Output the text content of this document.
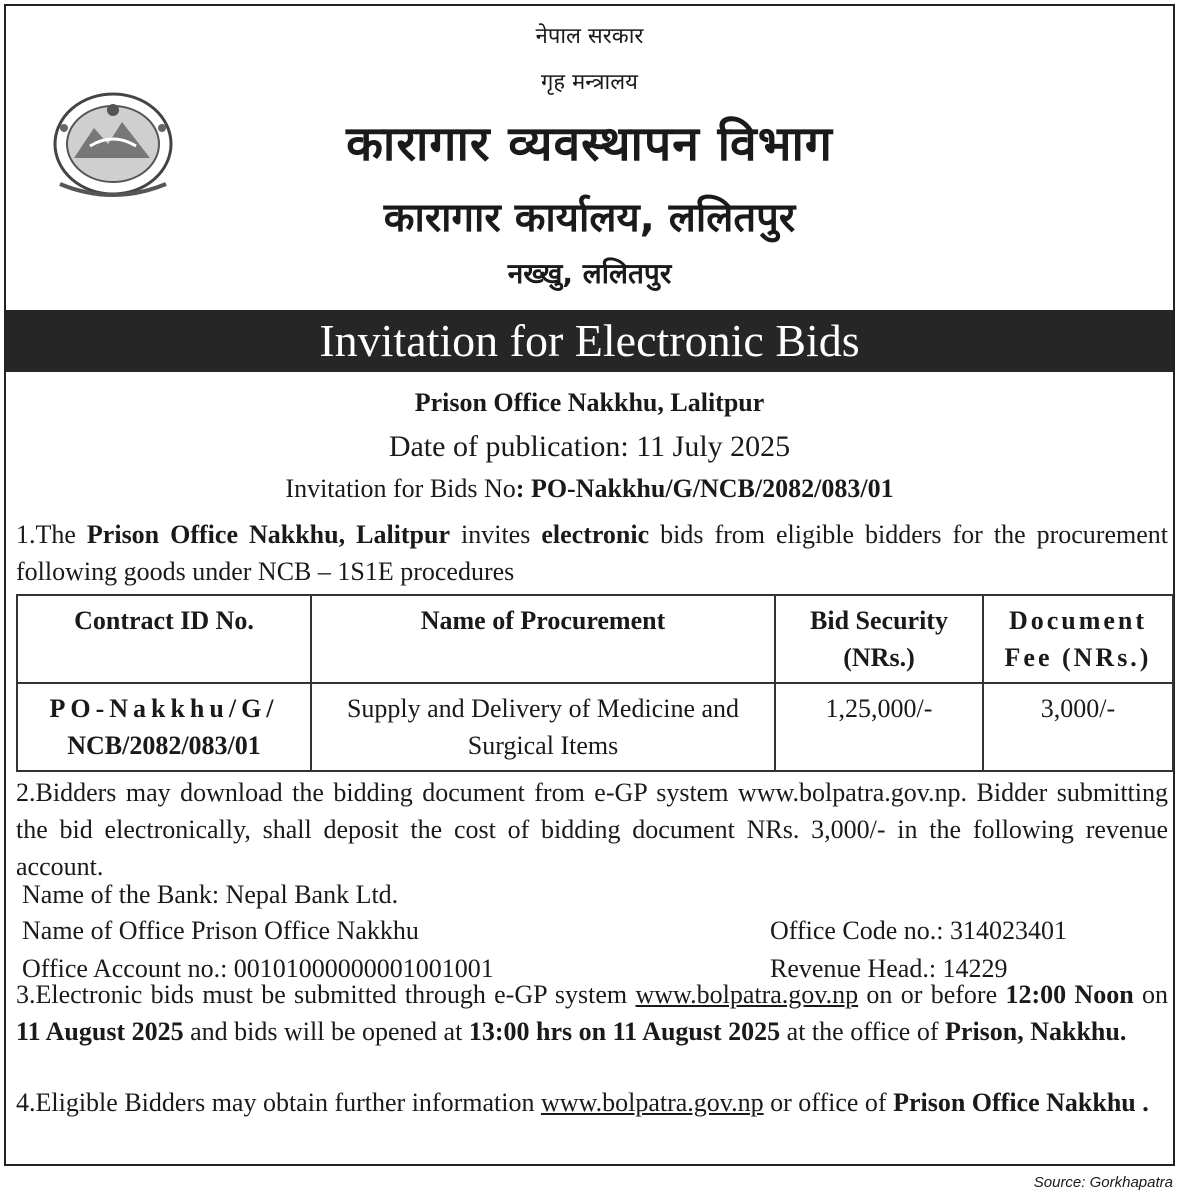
नेपाल सरकार
गृह मन्त्रालय
कारागार व्यवस्थापन विभाग
कारागार कार्यालय, ललितपुर
नख्खु, ललितपुर
Invitation for Electronic Bids
Prison Office Nakkhu, Lalitpur
Date of publication: 11 July 2025
Invitation for Bids No: PO-Nakkhu/G/NCB/2082/083/01
1.The Prison Office Nakkhu, Lalitpur invites electronic bids from eligible bidders for the procurement following goods under NCB – 1S1E procedures
Contract ID No.	Name of Procurement	Bid Security (NRs.)	Document Fee (NRs.)
PO-Nakkhu/G/
NCB/2082/083/01	Supply and Delivery of Medicine and Surgical Items	1,25,000/-	3,000/-
2.Bidders may download the bidding document from e-GP system www.bolpatra.gov.np. Bidder submitting the bid electronically, shall deposit the cost of bidding document NRs. 3,000/- in the following revenue account.
Name of the Bank: Nepal Bank Ltd.
Name of Office Prison Office Nakkhu
Office Account no.: 00101000000001001001
Office Code no.: 314023401
Revenue Head.: 14229
3.Electronic bids must be submitted through e-GP system www.bolpatra.gov.np on or before 12:00 Noon on 11 August 2025 and bids will be opened at 13:00 hrs on 11 August 2025 at the office of Prison, Nakkhu.
4.Eligible Bidders may obtain further information www.bolpatra.gov.np or office of Prison Office Nakkhu .
Source: Gorkhapatra
